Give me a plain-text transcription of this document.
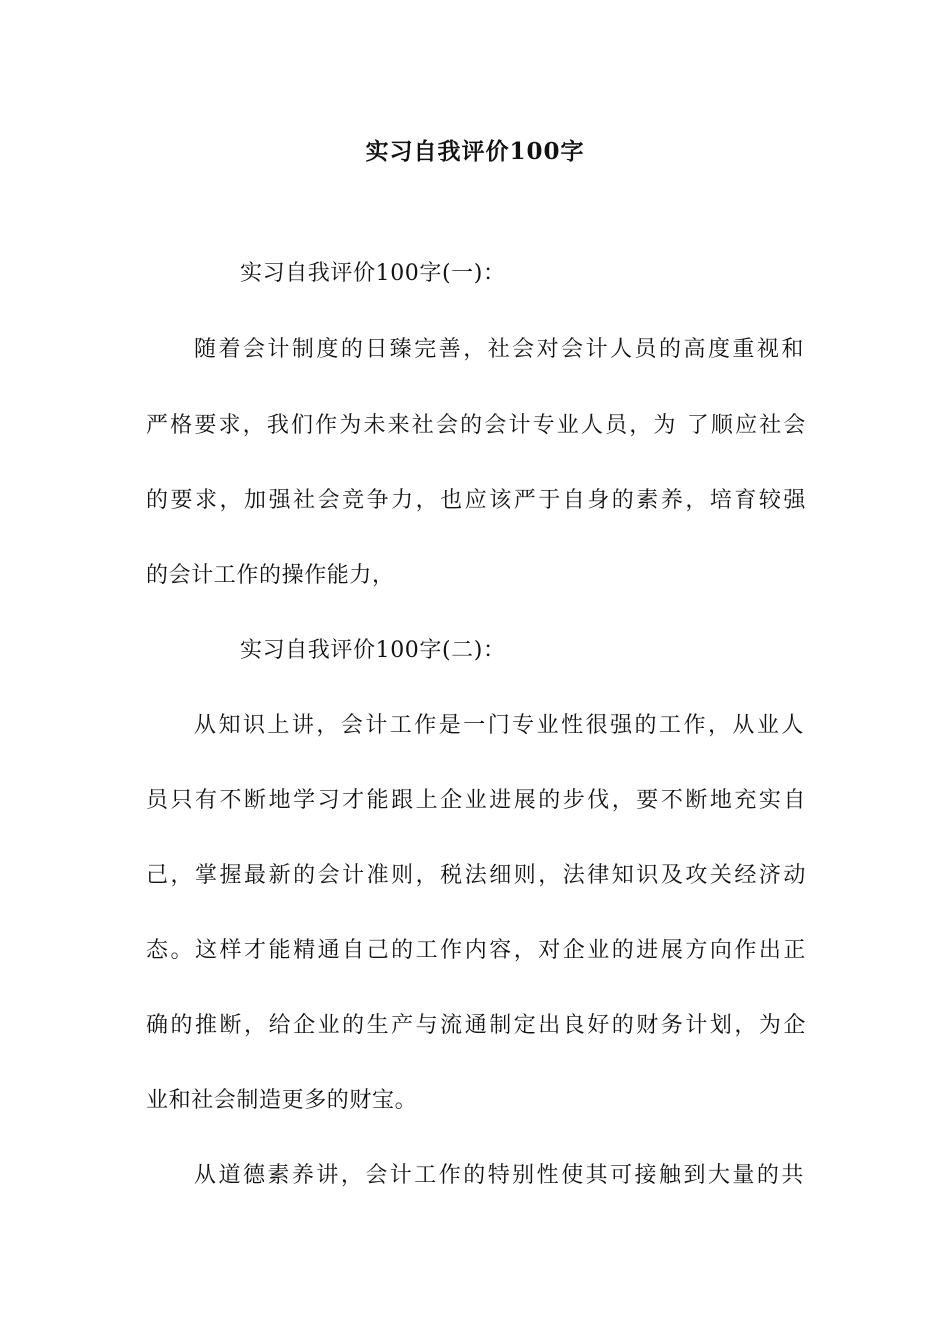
实习自我评价100字
实习自我评价100字(一)：
随着会计制度的日臻完善，社会对会计人员的高度重视和
严格要求，我们作为未来社会的会计专业人员，为 了顺应社会
的要求，加强社会竞争力，也应该严于自身的素养，培育较强
的会计工作的操作能力，
实习自我评价100字(二)：
从知识上讲，会计工作是一门专业性很强的工作，从业人
员只有不断地学习才能跟上企业进展的步伐，要不断地充实自
己，掌握最新的会计准则，税法细则，法律知识及攻关经济动
态。这样才能精通自己的工作内容，对企业的进展方向作出正
确的推断，给企业的生产与流通制定出良好的财务计划，为企
业和社会制造更多的财宝。
从道德素养讲，会计工作的特别性使其可接触到大量的共
